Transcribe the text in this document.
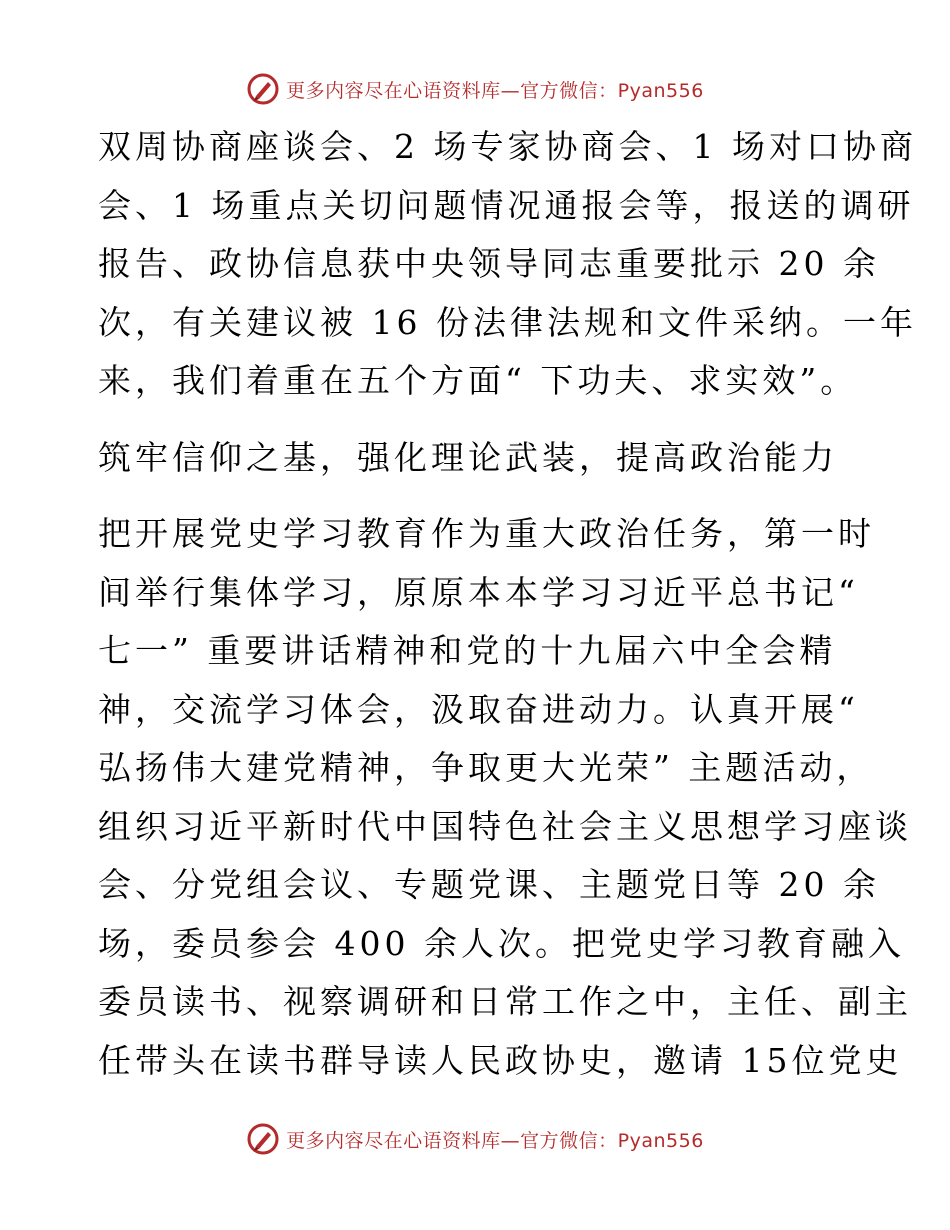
更多内容尽在心语资料库—官方微信：Pyan556
双周协商座谈会、2 场专家协商会、1 场对口协商
会、1 场重点关切问题情况通报会等，报送的调研
报告、政协信息获中央领导同志重要批示 20 余
次，有关建议被 16 份法律法规和文件采纳。一年
来，我们着重在五个方面“ 下功夫、求实效”。
筑牢信仰之基，强化理论武装，提高政治能力
把开展党史学习教育作为重大政治任务，第一时
间举行集体学习，原原本本学习习近平总书记“
七一” 重要讲话精神和党的十九届六中全会精
神，交流学习体会，汲取奋进动力。认真开展“
弘扬伟大建党精神，争取更大光荣” 主题活动，
组织习近平新时代中国特色社会主义思想学习座谈
会、分党组会议、专题党课、主题党日等 20 余
场，委员参会 400 余人次。把党史学习教育融入
委员读书、视察调研和日常工作之中，主任、副主
任带头在读书群导读人民政协史，邀请 15位党史
更多内容尽在心语资料库—官方微信：Pyan556
